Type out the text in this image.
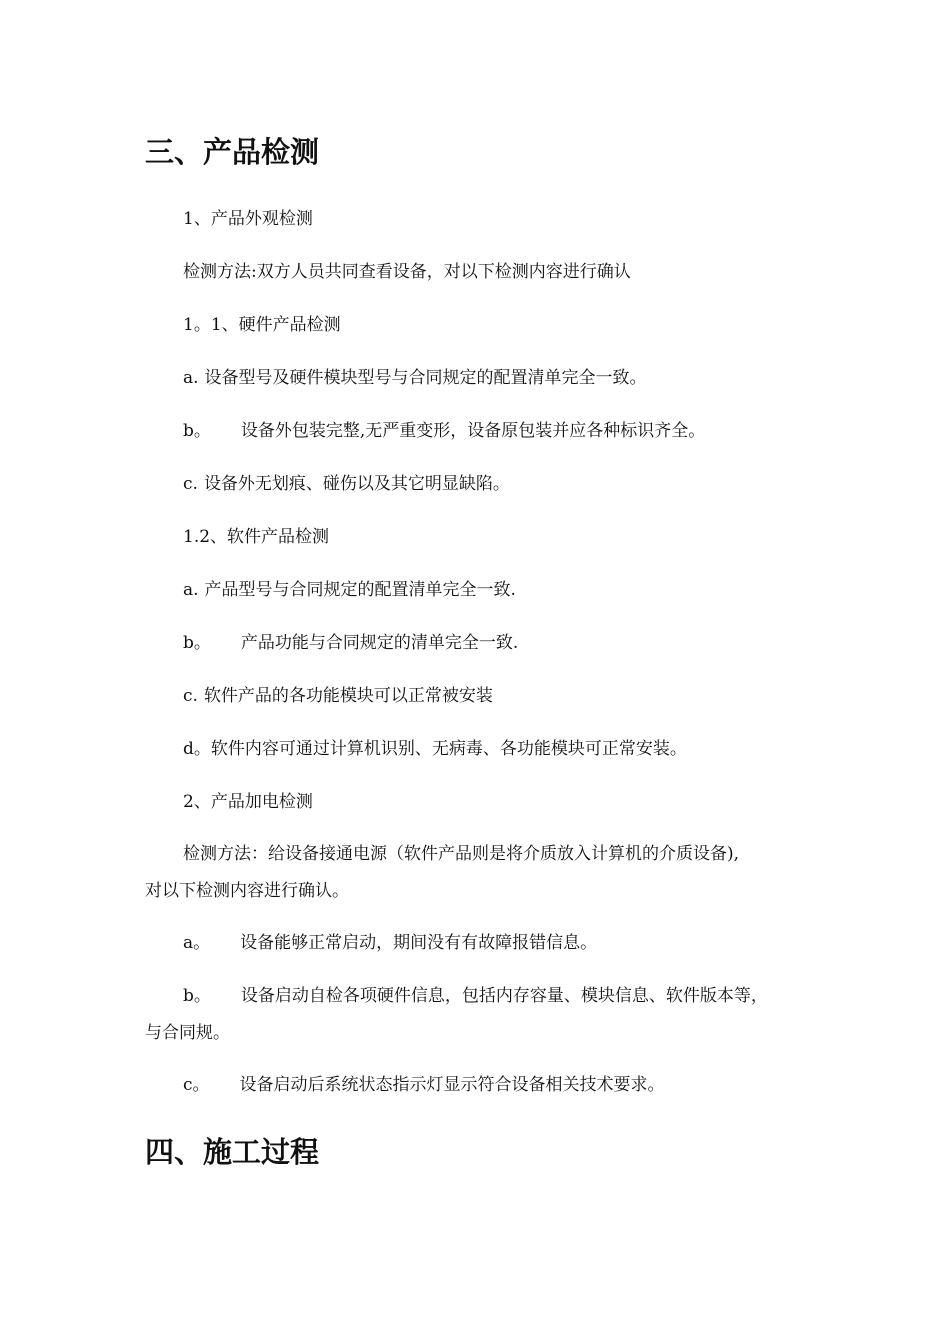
三、产品检测

1、产品外观检测

检测方法:双方人员共同查看设备，对以下检测内容进行确认

1。1、硬件产品检测

a. 设备型号及硬件模块型号与合同规定的配置清单完全一致。

b。 设备外包装完整,无严重变形，设备原包装并应各种标识齐全。

c. 设备外无划痕、碰伤以及其它明显缺陷。

1.2、软件产品检测

a. 产品型号与合同规定的配置清单完全一致.

b。 产品功能与合同规定的清单完全一致.

c. 软件产品的各功能模块可以正常被安装

d。软件内容可通过计算机识别、无病毒、各功能模块可正常安装。

2、产品加电检测

检测方法：给设备接通电源（软件产品则是将介质放入计算机的介质设备),

对以下检测内容进行确认。

a。 设备能够正常启动，期间没有有故障报错信息。

b。 设备启动自检各项硬件信息，包括内存容量、模块信息、软件版本等，

与合同规。

c。 设备启动后系统状态指示灯显示符合设备相关技术要求。

四、施工过程
